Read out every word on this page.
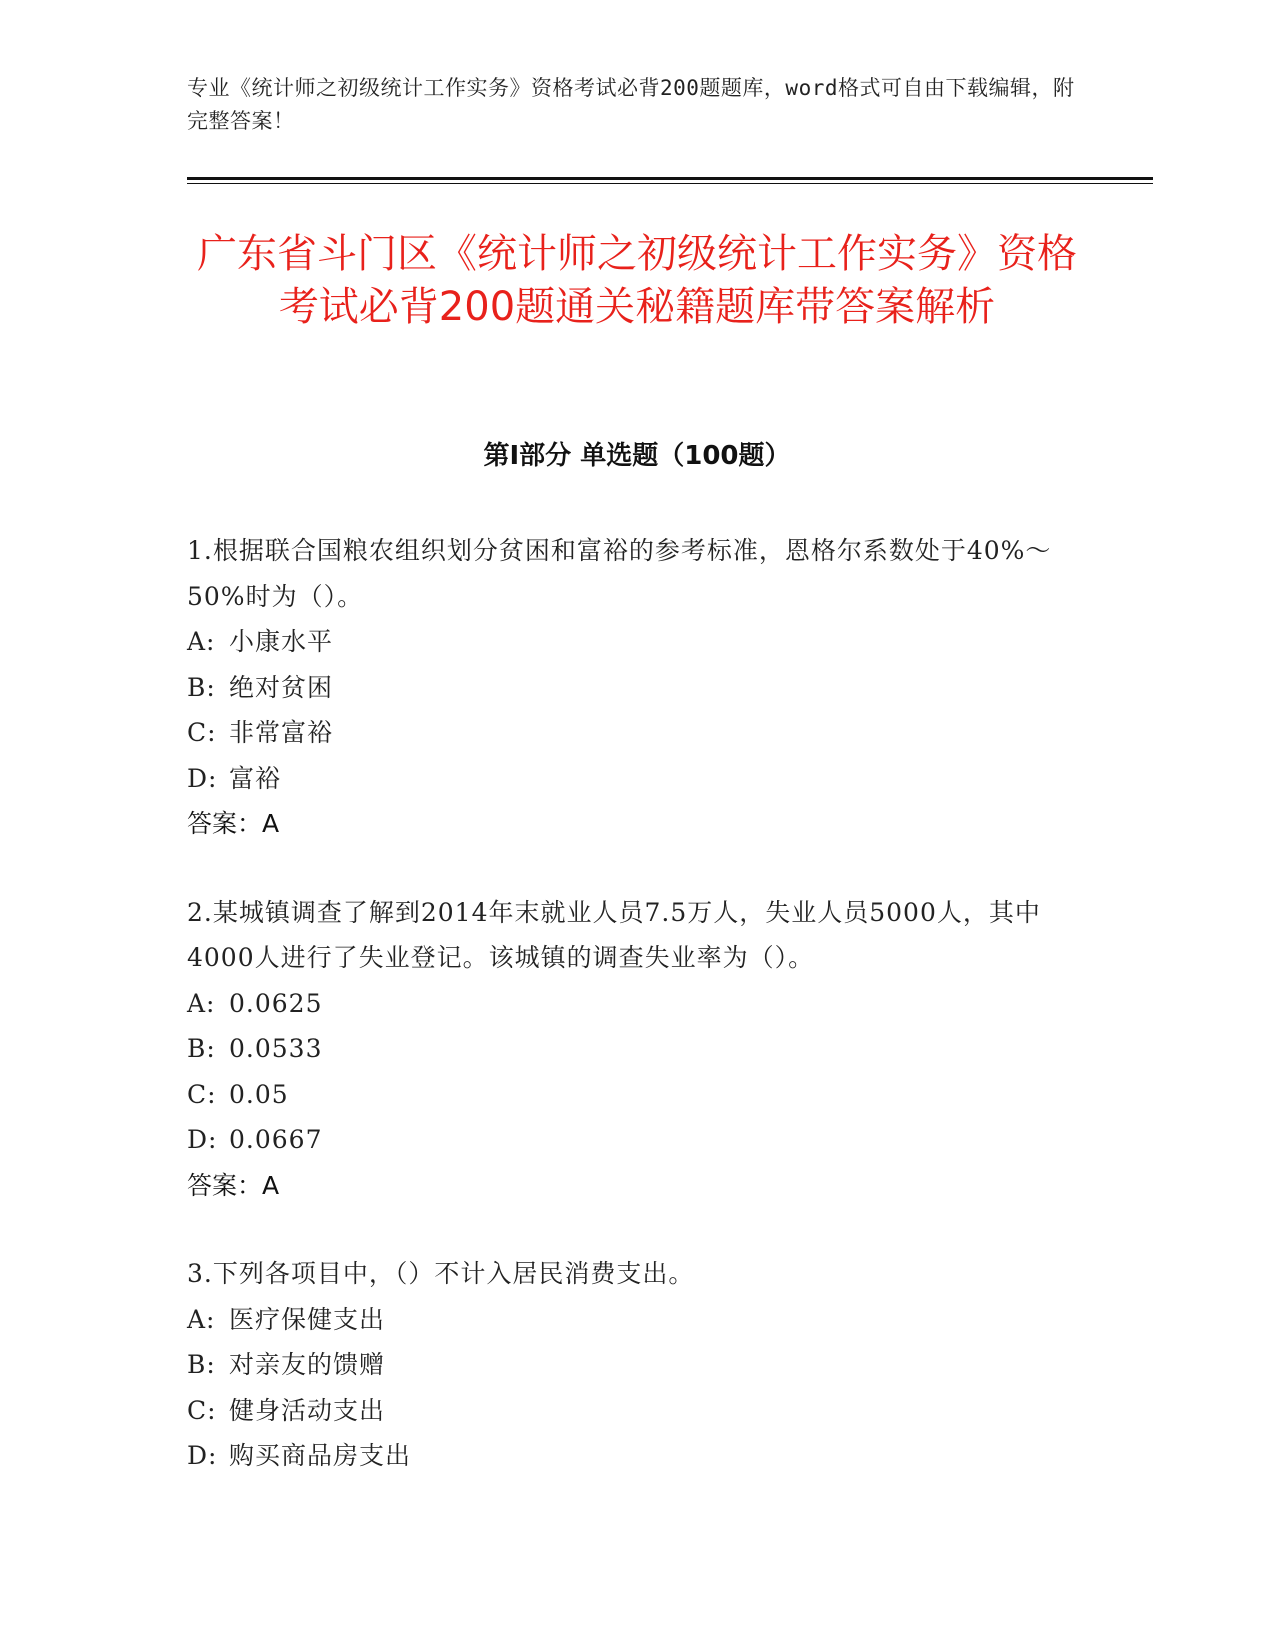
专业《统计师之初级统计工作实务》资格考试必背200题题库，word格式可自由下载编辑，附完整答案！
广东省斗门区《统计师之初级统计工作实务》资格考试必背200题通关秘籍题库带答案解析
第I部分 单选题（100题）
1.根据联合国粮农组织划分贫困和富裕的参考标准，恩格尔系数处于40%～50%时为（）。
A: 小康水平
B: 绝对贫困
C: 非常富裕
D: 富裕
答案：A
2.某城镇调查了解到2014年末就业人员7.5万人，失业人员5000人，其中4000人进行了失业登记。该城镇的调查失业率为（）。
A: 0.0625
B: 0.0533
C: 0.05
D: 0.0667
答案：A
3.下列各项目中，（）不计入居民消费支出。
A: 医疗保健支出
B: 对亲友的馈赠
C: 健身活动支出
D: 购买商品房支出
